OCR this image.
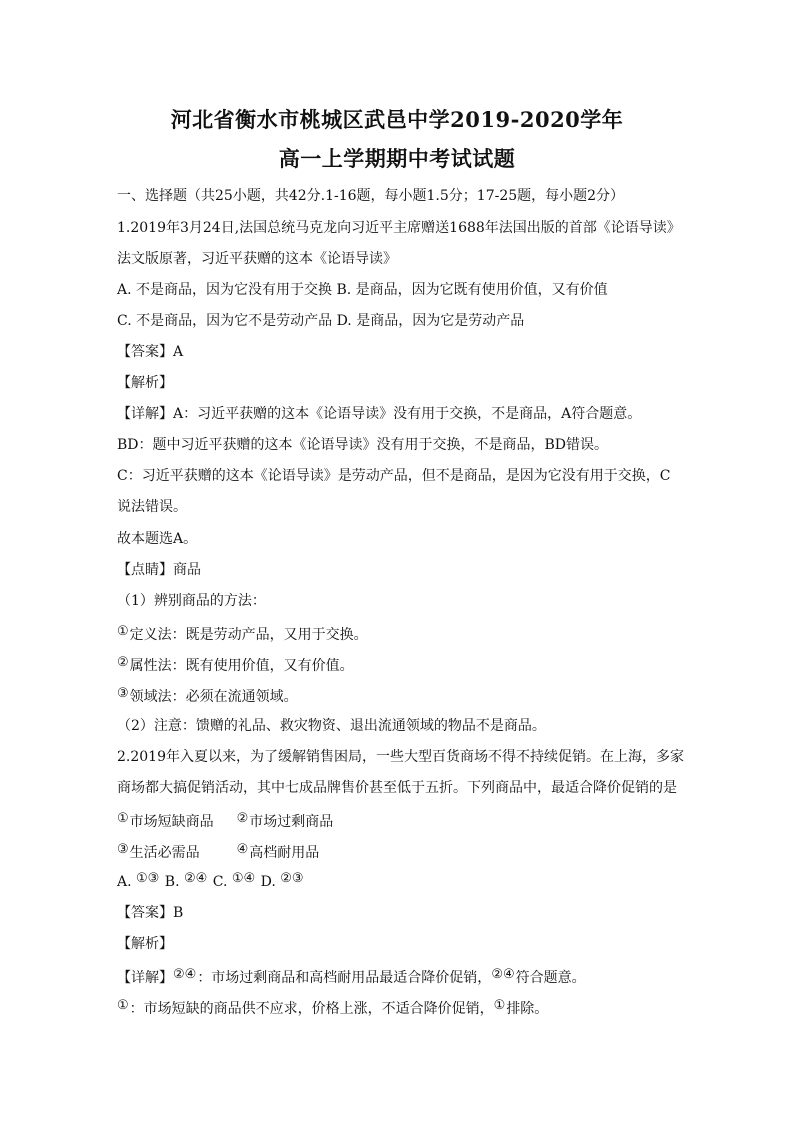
河北省衡水市桃城区武邑中学2019-2020学年
高一上学期期中考试试题
一、选择题（共25小题，共42分.1-16题，每小题1.5分；17-25题，每小题2分）
1.2019年3月24日,法国总统马克龙向习近平主席赠送1688年法国出版的首部《论语导读》
法文版原著，习近平获赠的这本《论语导读》
A. 不是商品，因为它没有用于交换 B. 是商品，因为它既有使用价值，又有价值
C. 不是商品，因为它不是劳动产品 D. 是商品，因为它是劳动产品
【答案】A
【解析】
【详解】A：习近平获赠的这本《论语导读》没有用于交换，不是商品，A符合题意。
BD：题中习近平获赠的这本《论语导读》没有用于交换，不是商品，BD错误。
C：习近平获赠的这本《论语导读》是劳动产品，但不是商品，是因为它没有用于交换，C
说法错误。
故本题选A。
【点睛】商品
（1）辨别商品的方法：
①定义法：既是劳动产品，又用于交换。
②属性法：既有使用价值，又有价值。
③领域法：必须在流通领域。
（2）注意：馈赠的礼品、救灾物资、退出流通领域的物品不是商品。
2.2019年入夏以来，为了缓解销售困局，一些大型百货商场不得不持续促销。在上海，多家
商场都大搞促销活动，其中七成品牌售价甚至低于五折。下列商品中，最适合降价促销的是
①市场短缺商品 ②市场过剩商品
③生活必需品	④高档耐用品
A. ①③ B. ②④ C. ①④ D. ②③
【答案】B
【解析】
【详解】②④：市场过剩商品和高档耐用品最适合降价促销，②④符合题意。
①：市场短缺的商品供不应求，价格上涨，不适合降价促销，①排除。
